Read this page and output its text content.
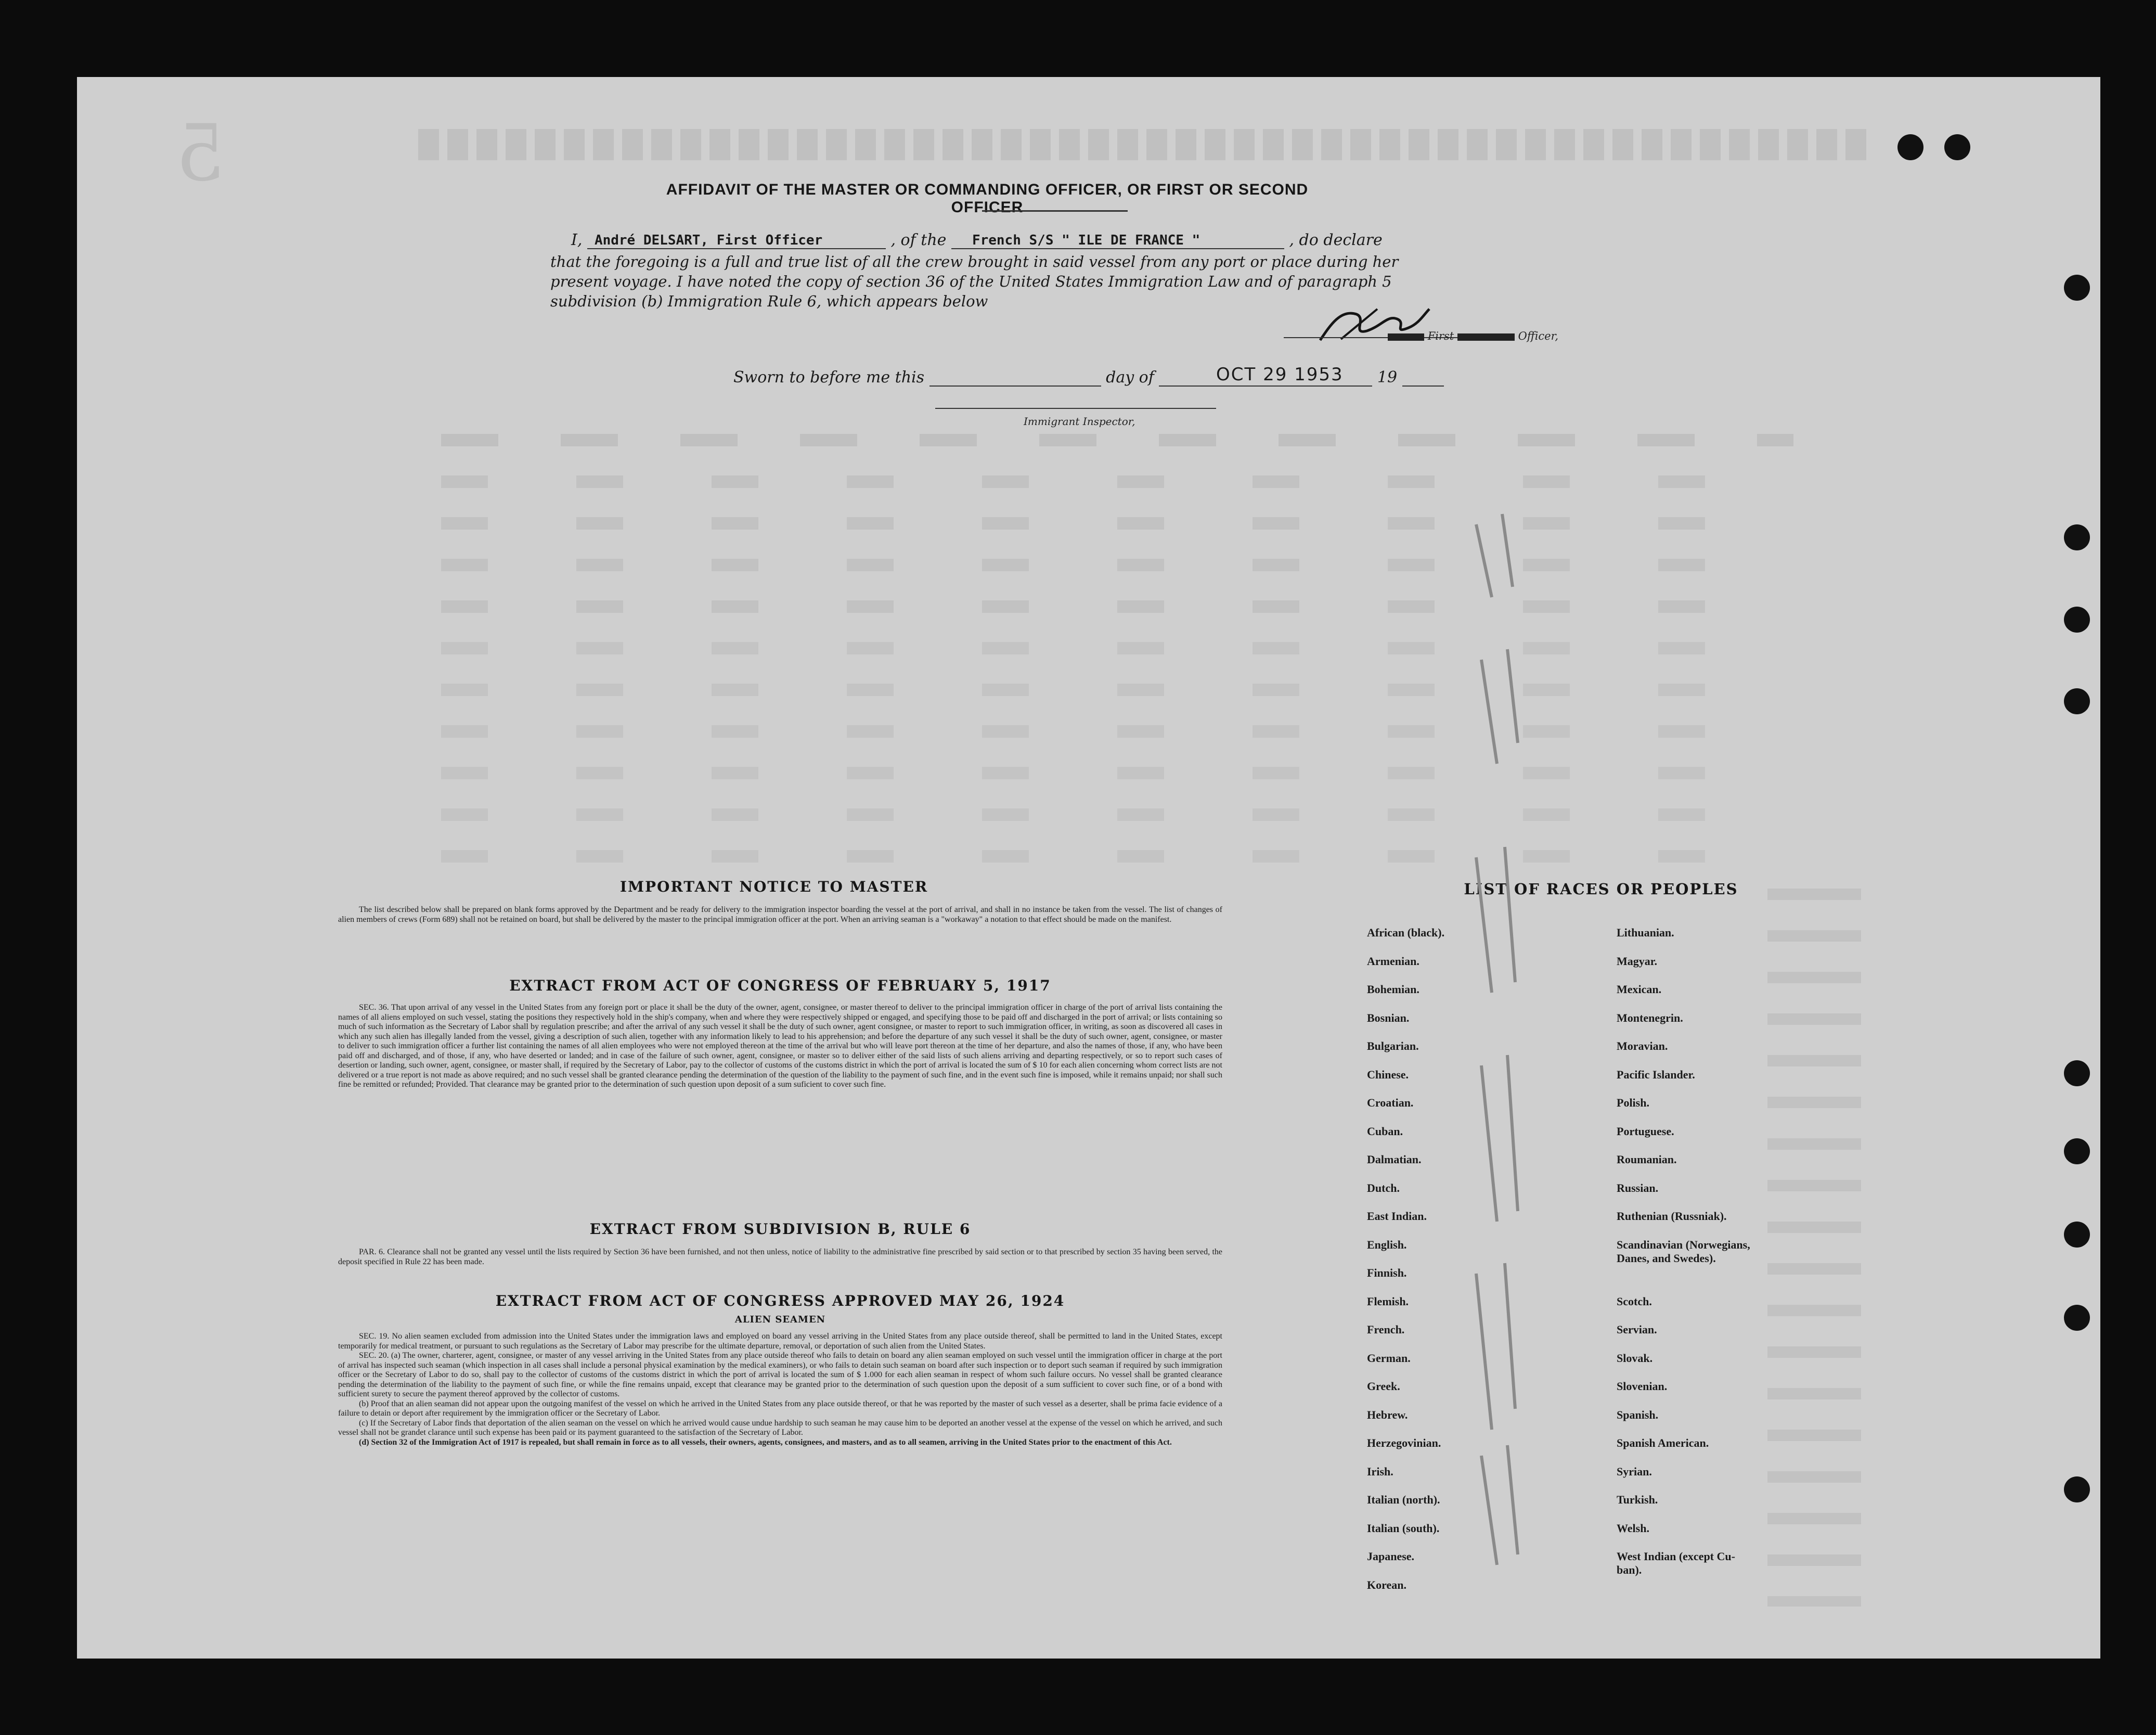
5	AFFIDAVIT OF THE MASTER OR COMMANDING OFFICER, OR FIRST OR SECOND OFFICER
I, André DELSART, First Officer	, of the French S/S " ILE DE FRANCE "	, do declare
that the foregoing is a full and true list of all the crew brought in said vessel from any port or place during her
present voyage. I have noted the copy of section 36 of the United States Immigration Law and of paragraph 5
subdivision (b) Immigration Rule 6, which appears below
First	Officer,
Sworn to before me this	day of	19
OCT 29 1953
Immigrant Inspector,
IMPORTANT NOTICE TO MASTER
The list described below shall be prepared on blank forms approved by the Department and be ready for delivery to the immigration inspector boarding the vessel at the port of arrival, and shall in no instance be taken from the vessel. The list of changes of alien members of crews (Form 689) shall not be retained on board, but shall be delivered by the master to the principal immigration officer at the port. When an arriving seaman is a "workaway" a notation to that effect should be made on the manifest.
EXTRACT FROM ACT OF CONGRESS OF FEBRUARY 5, 1917
SEC. 36. That upon arrival of any vessel in the United States from any foreign port or place it shall be the duty of the owner, agent, consignee, or master thereof to deliver to the principal immigration officer in charge of the port of arrival lists containing the names of all aliens employed on such vessel, stating the positions they respectively hold in the ship's company, when and where they were respectively shipped or engaged, and specifying those to be paid off and discharged in the port of arrival; or lists containing so much of such information as the Secretary of Labor shall by regulation prescribe; and after the arrival of any such vessel it shall be the duty of such owner, agent consignee, or master to report to such immigration officer, in writing, as soon as discovered all cases in which any such alien has illegally landed from the vessel, giving a description of such alien, together with any information likely to lead to his apprehension; and before the departure of any such vessel it shall be the duty of such owner, agent, consignee, or master to deliver to such immigration officer a further list containing the names of all alien employees who were not employed thereon at the time of the arrival but who will leave port thereon at the time of her departure, and also the names of those, if any, who have been paid off and discharged, and of those, if any, who have deserted or landed; and in case of the failure of such owner, agent, consignee, or master so to deliver either of the said lists of such aliens arriving and departing respectively, or so to report such cases of desertion or landing, such owner, agent, consignee, or master shall, if required by the Secretary of Labor, pay to the collector of customs of the customs district in which the port of arrival is located the sum of $ 10 for each alien concerning whom correct lists are not delivered or a true report is not made as above required; and no such vessel shall be granted clearance pending the determination of the question of the liability to the payment of such fine, and in the event such fine is imposed, while it remains unpaid; nor shall such fine be remitted or refunded; Provided. That clearance may be granted prior to the determination of such question upon deposit of a sum suficient to cover such fine.
EXTRACT FROM SUBDIVISION B, RULE 6
PAR. 6. Clearance shall not be granted any vessel until the lists required by Section 36 have been furnished, and not then unless, notice of liability to the administrative fine prescribed by said section or to that prescribed by section 35 having been served, the deposit specified in Rule 22 has been made.
EXTRACT FROM ACT OF CONGRESS APPROVED MAY 26, 1924
ALIEN SEAMEN
SEC. 19. No alien seamen excluded from admission into the United States under the immigration laws and employed on board any vessel arriving in the United States from any place outside thereof, shall be permitted to land in the United States, except temporarily for medical treatment, or pursuant to such regulations as the Secretary of Labor may prescribe for the ultimate departure, removal, or deportation of such alien from the United States.
SEC. 20. (a) The owner, charterer, agent, consignee, or master of any vessel arriving in the United States from any place outside thereof who fails to detain on board any alien seaman employed on such vessel until the immigration officer in charge at the port of arrival has inspected such seaman (which inspection in all cases shall include a personal physical examination by the medical examiners), or who fails to detain such seaman on board after such inspection or to deport such seaman if required by such immigration officer or the Secretary of Labor to do so, shall pay to the collector of customs of the customs district in which the port of arrival is located the sum of $ 1.000 for each alien seaman in respect of whom such failure occurs. No vessel shall be granted clearance pending the determination of the liability to the payment of such fine, or while the fine remains unpaid, except that clearance may be granted prior to the determination of such question upon the deposit of a sum sufficient to cover such fine, or of a bond with sufficient surety to secure the payment thereof approved by the collector of customs.
(b) Proof that an alien seaman did not appear upon the outgoing manifest of the vessel on which he arrived in the United States from any place outside thereof, or that he was reported by the master of such vessel as a deserter, shall be prima facie evidence of a failure to detain or deport after requirement by the immigration officer or the Secretary of Labor.
(c) If the Secretary of Labor finds that deportation of the alien seaman on the vessel on which he arrived would cause undue hardship to such seaman he may cause him to be deported an another vessel at the expense of the vessel on which he arrived, and such vessel shall not be grandet clarance until such expense has been paid or its payment guaranteed to the satisfaction of the Secretary of Labor.
(d) Section 32 of the Immigration Act of 1917 is repealed, but shall remain in force as to all vessels, their owners, agents, consignees, and masters, and as to all seamen, arriving in the United States prior to the enactment of this Act.
LIST OF RACES OR PEOPLES
African (black).
Armenian.
Bohemian.
Bosnian.
Bulgarian.
Chinese.
Croatian.
Cuban.
Dalmatian.
Dutch.
East Indian.
English.
Finnish.
Flemish.
French.
German.
Greek.
Hebrew.
Herzegovinian.
Irish.
Italian (north).
Italian (south).
Japanese.
Korean.
Lithuanian.
Magyar.
Mexican.
Montenegrin.
Moravian.
Pacific Islander.
Polish.
Portuguese.
Roumanian.
Russian.
Ruthenian (Russniak).
Scandinavian (Norwegians,
Danes, and Swedes).
Scotch.
Servian.
Slovak.
Slovenian.
Spanish.
Spanish American.
Syrian.
Turkish.
Welsh.
West Indian (except Cu-
ban).
